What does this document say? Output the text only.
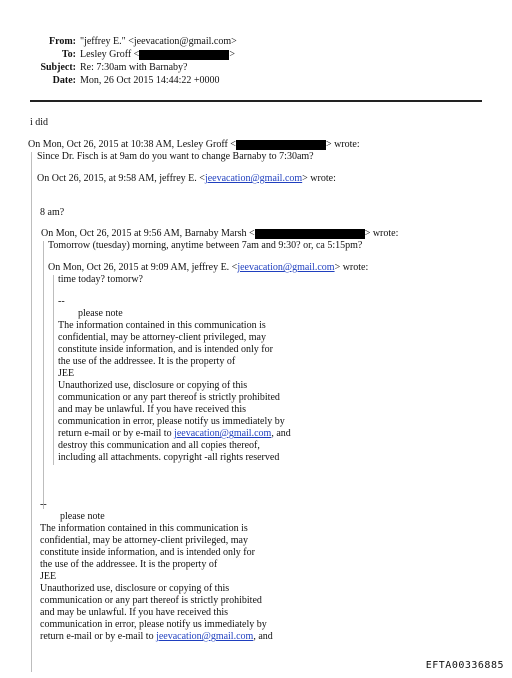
From: "jeffrey E." <jeevacation@gmail.com>
To: Lesley Groff <	>
Subject: Re: 7:30am with Barnaby?
Date: Mon, 26 Oct 2015 14:44:22 +0000
i did
On Mon, Oct 26, 2015 at 10:38 AM, Lesley Groff <	> wrote:
Since Dr. Fisch is at 9am do you want to change Barnaby to 7:30am?
On Oct 26, 2015, at 9:58 AM, jeffrey E. <jeevacation@gmail.com> wrote:
8 am?
On Mon, Oct 26, 2015 at 9:56 AM, Barnaby Marsh <	> wrote:
Tomorrow (tuesday) morning, anytime between 7am and 9:30? or, ca 5:15pm?
On Mon, Oct 26, 2015 at 9:09 AM, jeffrey E. <jeevacation@gmail.com> wrote:
time today? tomorw?
--
please note
The information contained in this communication is
confidential, may be attorney-client privileged, may
constitute inside information, and is intended only for
the use of the addressee. It is the property of
JEE
Unauthorized use, disclosure or copying of this
communication or any part thereof is strictly prohibited
and may be unlawful. If you have received this
communication in error, please notify us immediately by
return e-mail or by e-mail to jeevacation@gmail.com, and
destroy this communication and all copies thereof,
including all attachments. copyright -all rights reserved
--
please note
The information contained in this communication is
confidential, may be attorney-client privileged, may
constitute inside information, and is intended only for
the use of the addressee. It is the property of
JEE
Unauthorized use, disclosure or copying of this
communication or any part thereof is strictly prohibited
and may be unlawful. If you have received this
communication in error, please notify us immediately by
return e-mail or by e-mail to jeevacation@gmail.com, and
EFTA00336885
